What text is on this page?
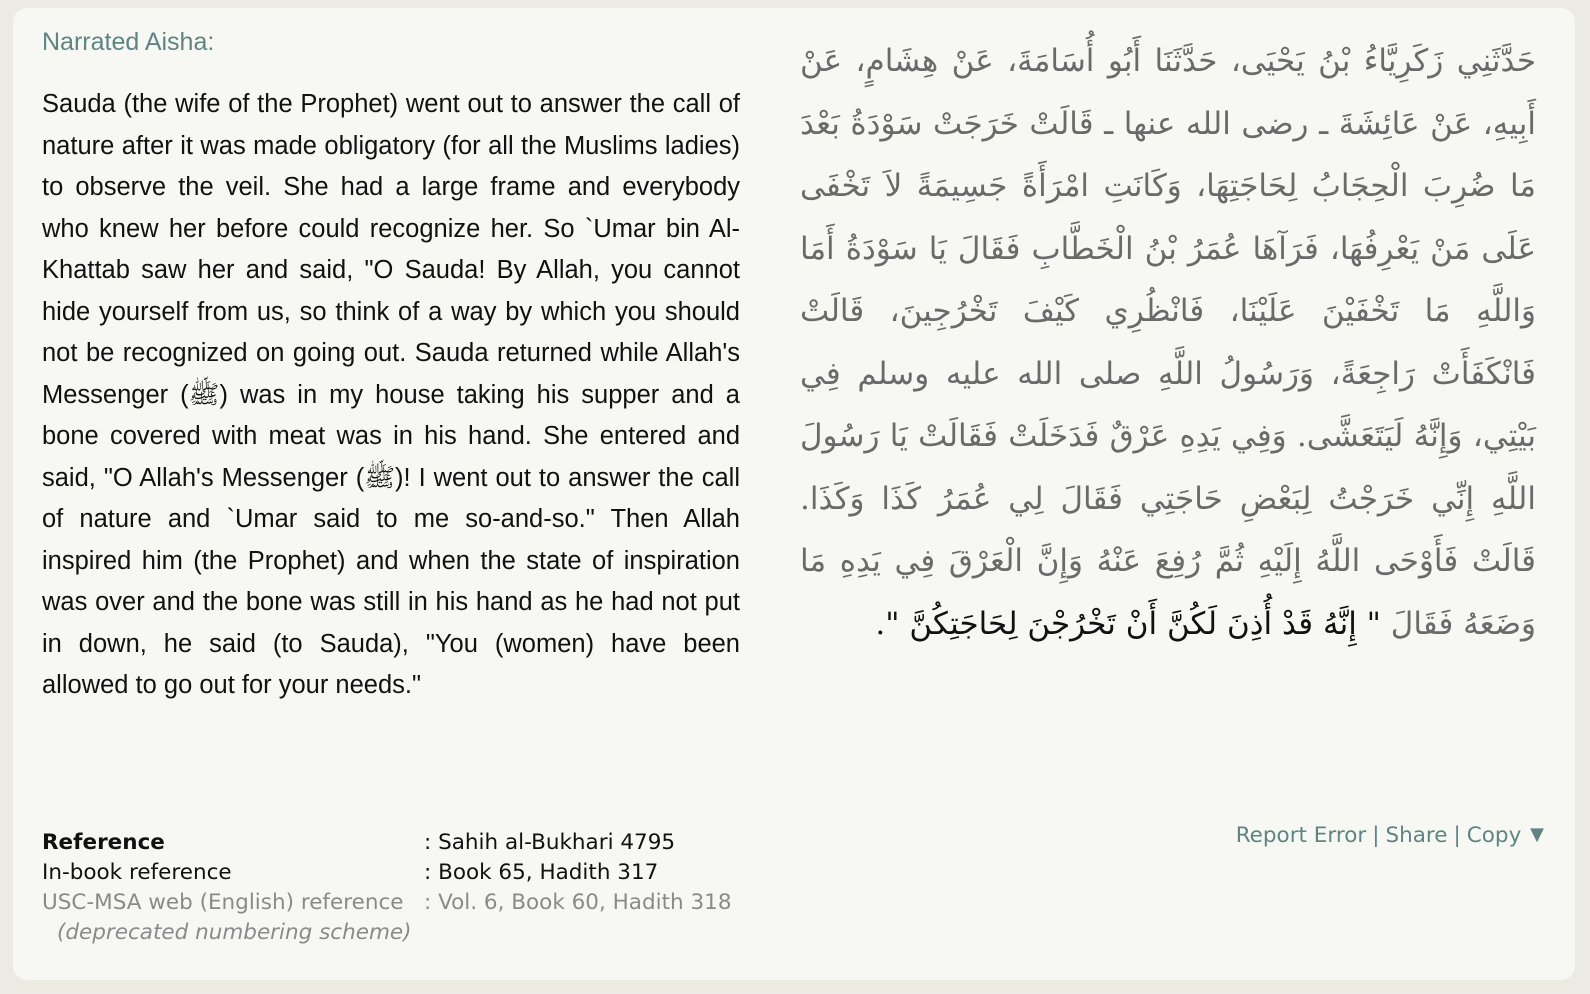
Narrated Aisha:
Sauda (the wife of the Prophet) went out to answer the call of nature after it was made obligatory (for all the Muslims ladies) to observe the veil. She had a large frame and everybody who knew her before could recognize her. So `Umar bin Al-Khattab saw her and said, "O Sauda! By Allah, you cannot hide yourself from us, so think of a way by which you should not be recognized on going out. Sauda returned while Allah's Messenger (ﷺ) was in my house taking his supper and a bone covered with meat was in his hand. She entered and said, "O Allah's Messenger (ﷺ)! I went out to answer the call of nature and `Umar said to me so-and-so." Then Allah inspired him (the Prophet) and when the state of inspiration was over and the bone was still in his hand as he had not put in down, he said (to Sauda), "You (women) have been allowed to go out for your needs."
حَدَّثَنِي زَكَرِيَّاءُ بْنُ يَحْيَى، حَدَّثَنَا أَبُو أُسَامَةَ، عَنْ هِشَامٍ، عَنْ أَبِيهِ، عَنْ عَائِشَةَ ـ رضى الله عنها ـ قَالَتْ خَرَجَتْ سَوْدَةُ بَعْدَ مَا ضُرِبَ الْحِجَابُ لِحَاجَتِهَا، وَكَانَتِ امْرَأَةً جَسِيمَةً لاَ تَخْفَى عَلَى مَنْ يَعْرِفُهَا، فَرَآهَا عُمَرُ بْنُ الْخَطَّابِ فَقَالَ يَا سَوْدَةُ أَمَا وَاللَّهِ مَا تَخْفَيْنَ عَلَيْنَا، فَانْظُرِي كَيْفَ تَخْرُجِينَ، قَالَتْ فَانْكَفَأَتْ رَاجِعَةً، وَرَسُولُ اللَّهِ صلى الله عليه وسلم فِي بَيْتِي، وَإِنَّهُ لَيَتَعَشَّى. وَفِي يَدِهِ عَرْقٌ فَدَخَلَتْ فَقَالَتْ يَا رَسُولَ اللَّهِ إِنِّي خَرَجْتُ لِبَعْضِ حَاجَتِي فَقَالَ لِي عُمَرُ كَذَا وَكَذَا. قَالَتْ فَأَوْحَى اللَّهُ إِلَيْهِ ثُمَّ رُفِعَ عَنْهُ وَإِنَّ الْعَرْقَ فِي يَدِهِ مَا وَضَعَهُ فَقَالَ " إِنَّهُ قَدْ أُذِنَ لَكُنَّ أَنْ تَخْرُجْنَ لِحَاجَتِكُنَّ ".
Reference	: Sahih al-Bukhari 4795
In-book reference	: Book 65, Hadith 317
USC-MSA web (English) reference : Vol. 6, Book 60, Hadith 318
(deprecated numbering scheme)
Report Error | Share | Copy ▼
